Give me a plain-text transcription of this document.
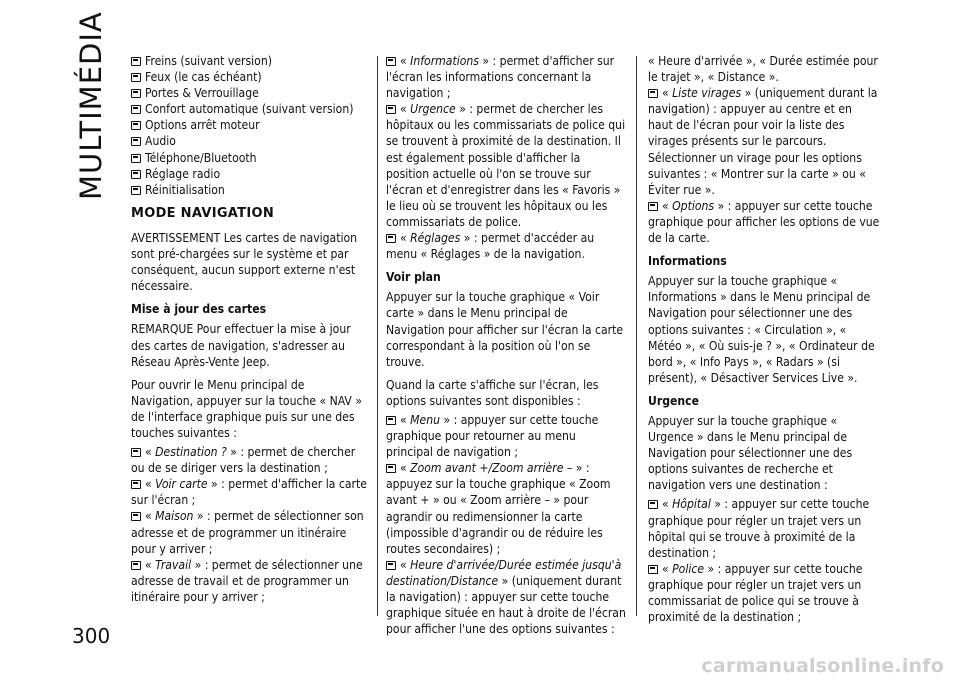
MULTIMÉDIA
300
Freins (suivant version)
Feux (le cas échéant)
Portes & Verrouillage
Confort automatique (suivant version)
Options arrêt moteur
Audio
Téléphone/Bluetooth
Réglage radio
Réinitialisation
MODE NAVIGATION

AVERTISSEMENT Les cartes de navigation sont pré-chargées sur le système et par conséquent, aucun support externe n'est nécessaire.

Mise à jour des cartes

REMARQUE Pour effectuer la mise à jour des cartes de navigation, s'adresser au Réseau Après-Vente Jeep.

Pour ouvrir le Menu principal de Navigation, appuyer sur la touche « NAV » de l'interface graphique puis sur une des touches suivantes :

« Destination ? » : permet de chercher ou de se diriger vers la destination ;
« Voir carte » : permet d'afficher la carte sur l'écran ;
« Maison » : permet de sélectionner son adresse et de programmer un itinéraire pour y arriver ;
« Travail » : permet de sélectionner une adresse de travail et de programmer un itinéraire pour y arriver ;
« Informations » : permet d'afficher sur l'écran les informations concernant la navigation ;
« Urgence » : permet de chercher les hôpitaux ou les commissariats de police qui se trouvent à proximité de la destination. Il est également possible d'afficher la position actuelle où l'on se trouve sur l'écran et d'enregistrer dans les « Favoris » le lieu où se trouvent les hôpitaux ou les commissariats de police.
« Réglages » : permet d'accéder au menu « Réglages » de la navigation.
Voir plan

Appuyer sur la touche graphique « Voir carte » dans le Menu principal de Navigation pour afficher sur l'écran la carte correspondant à la position où l'on se trouve.

Quand la carte s'affiche sur l'écran, les options suivantes sont disponibles :

« Menu » : appuyer sur cette touche graphique pour retourner au menu principal de navigation ;
« Zoom avant +/Zoom arrière – » : appuyez sur la touche graphique « Zoom avant + » ou « Zoom arrière – » pour agrandir ou redimensionner la carte (impossible d'agrandir ou de réduire les routes secondaires) ;
« Heure d'arrivée/Durée estimée jusqu'à destination/Distance » (uniquement durant la navigation) : appuyer sur cette touche graphique située en haut à droite de l'écran pour afficher l'une des options suivantes :
« Heure d'arrivée », « Durée estimée pour le trajet », « Distance ».
« Liste virages » (uniquement durant la navigation) : appuyer au centre et en haut de l'écran pour voir la liste des virages présents sur le parcours. Sélectionner un virage pour les options suivantes : « Montrer sur la carte » ou « Éviter rue ».
« Options » : appuyer sur cette touche graphique pour afficher les options de vue de la carte.
Informations

Appuyer sur la touche graphique « Informations » dans le Menu principal de Navigation pour sélectionner une des options suivantes : « Circulation », « Météo », « Où suis-je ? », « Ordinateur de bord », « Info Pays », « Radars » (si présent), « Désactiver Services Live ».

Urgence

Appuyer sur la touche graphique « Urgence » dans le Menu principal de Navigation pour sélectionner une des options suivantes de recherche et navigation vers une destination :

« Hôpital » : appuyer sur cette touche graphique pour régler un trajet vers un hôpital qui se trouve à proximité de la destination ;
« Police » : appuyer sur cette touche graphique pour régler un trajet vers un commissariat de police qui se trouve à proximité de la destination ;
carmanualsonline.info
